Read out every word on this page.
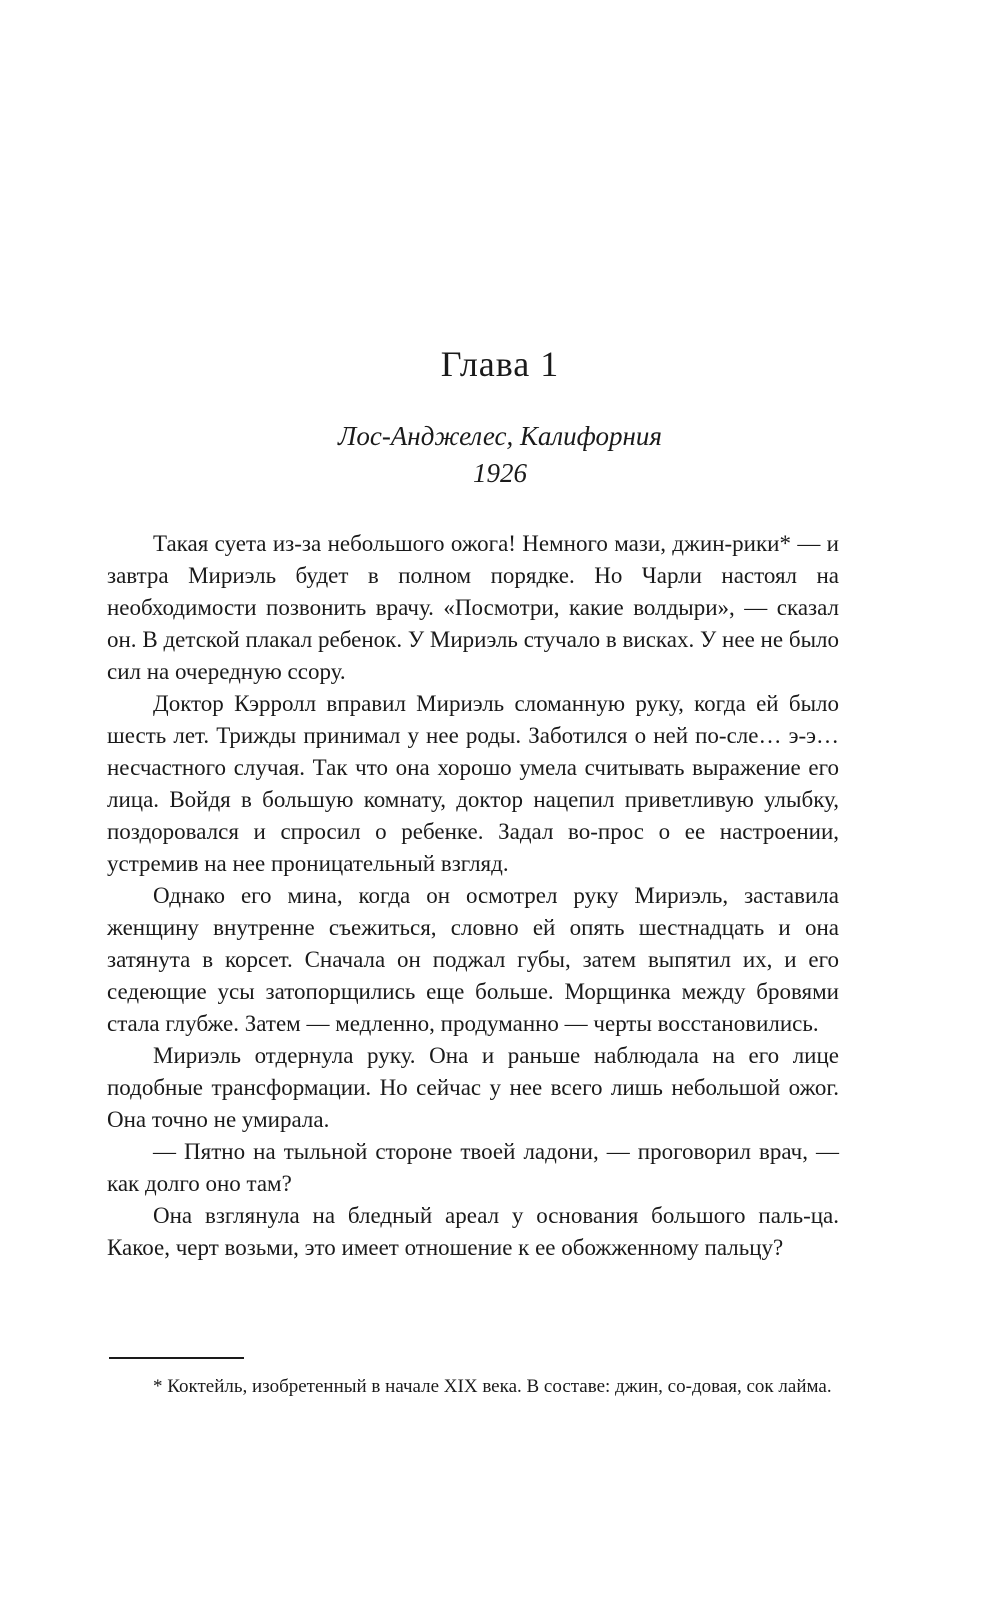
Глава 1
Лос-Анджелес, Калифорния
1926

Такая суета из-за небольшого ожога! Немного мази, джин-рики* — и завтра Мириэль будет в полном порядке. Но Чарли настоял на необходимости позвонить врачу. «Посмотри, какие волдыри», — сказал он. В детской плакал ребенок. У Мириэль стучало в висках. У нее не было сил на очередную ссору.

Доктор Кэрролл вправил Мириэль сломанную руку, когда ей было шесть лет. Трижды принимал у нее роды. Заботился о ней по-сле… э-э… несчастного случая. Так что она хорошо умела считывать выражение его лица. Войдя в большую комнату, доктор нацепил приветливую улыбку, поздоровался и спросил о ребенке. Задал во-прос о ее настроении, устремив на нее проницательный взгляд.

Однако его мина, когда он осмотрел руку Мириэль, заставила женщину внутренне съежиться, словно ей опять шестнадцать и она затянута в корсет. Сначала он поджал губы, затем выпятил их, и его седеющие усы затопорщились еще больше. Морщинка между бровями стала глубже. Затем — медленно, продуманно — черты восстановились.

Мириэль отдернула руку. Она и раньше наблюдала на его лице подобные трансформации. Но сейчас у нее всего лишь небольшой ожог. Она точно не умирала.

— Пятно на тыльной стороне твоей ладони, — проговорил врач, — как долго оно там?

Она взглянула на бледный ареал у основания большого паль-ца. Какое, черт возьми, это имеет отношение к ее обожженному пальцу?

* Коктейль, изобретенный в начале XIX века. В составе: джин, со-довая, сок лайма.
